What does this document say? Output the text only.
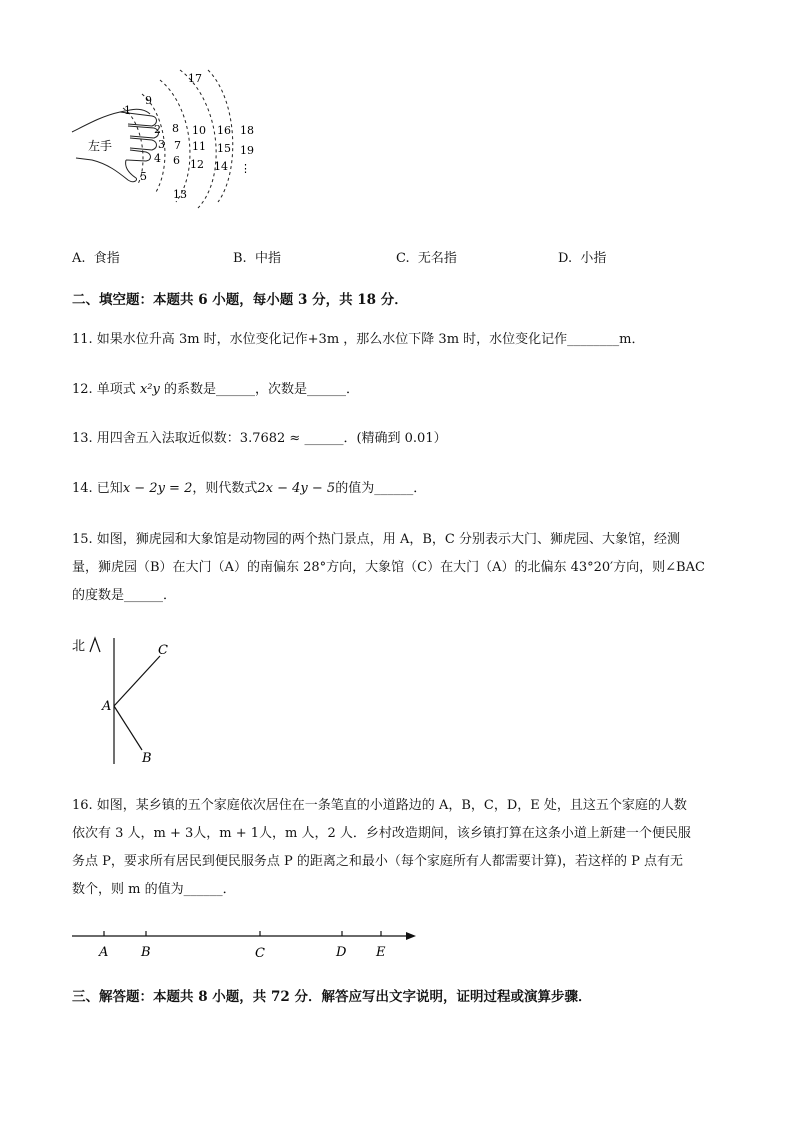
左手
1
2
3
4
5
6
7
8
9
10
11
12
13
14
15
16
17
18
19
⋮
A. 食指	B. 中指	C. 无名指	D. 小指
二、填空题：本题共 6 小题，每小题 3 分，共 18 分．
11. 如果水位升高 3m 时，水位变化记作+3m ，那么水位下降 3m 时，水位变化记作________m．
12. 单项式 x²y 的系数是______，次数是______．
13. 用四舍五入法取近似数：3.7682 ≈ ______．(精确到 0.01）
14. 已知x − 2y = 2，则代数式2x − 4y − 5的值为______．
15. 如图，狮虎园和大象馆是动物园的两个热门景点，用 A，B，C 分别表示大门、狮虎园、大象馆，经测
量，狮虎园（B）在大门（A）的南偏东 28°方向，大象馆（C）在大门（A）的北偏东 43°20′方向，则∠BAC
的度数是______．
北
A
C
B
16. 如图，某乡镇的五个家庭依次居住在一条笔直的小道路边的 A，B，C，D，E 处，且这五个家庭的人数
依次有 3 人，m + 3人，m + 1人，m 人，2 人．乡村改造期间，该乡镇打算在这条小道上新建一个便民服
务点 P，要求所有居民到便民服务点 P 的距离之和最小（每个家庭所有人都需要计算)，若这样的 P 点有无
数个，则 m 的值为______．
A	B	C	D E
三、解答题：本题共 8 小题，共 72 分．解答应写出文字说明，证明过程或演算步骤．
